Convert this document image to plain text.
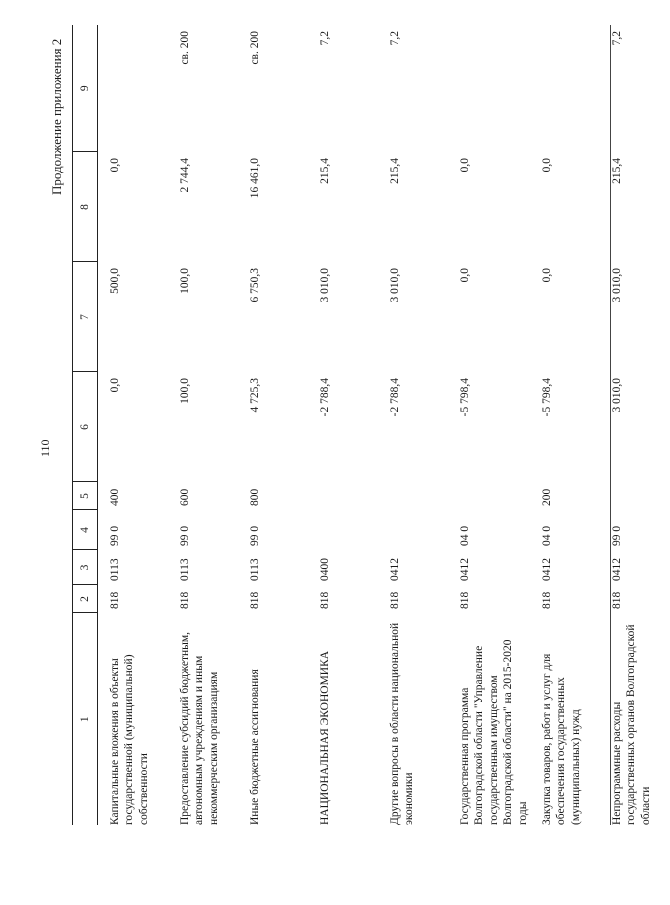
110
Продолжение приложения 2
1	2	3	4	5	6	7	8	9
Капитальные вложения в объекты государственной (муниципальной) собственности	818	0113	99 0	400	0,0	500,0	0,0	
Предоставление субсидий бюджетным, автономным учреждениям и иным некоммерческим организациям	818	0113	99 0	600	100,0	100,0	2 744,4	св. 200
Иные бюджетные ассигнования	818	0113	99 0	800	4 725,3	6 750,3	16 461,0	св. 200
НАЦИОНАЛЬНАЯ ЭКОНОМИКА	818	0400			-2 788,4	3 010,0	215,4	7,2
Другие вопросы в области национальной экономики	818	0412			-2 788,4	3 010,0	215,4	7,2
Государственная программа Волгоградской области "Управление государственным имуществом Волгоградской области" на 2015-2020 годы	818	0412	04 0		-5 798,4	0,0	0,0	
Закупка товаров, работ и услуг для обеспечения государственных (муниципальных) нужд	818	0412	04 0	200	-5 798,4	0,0	0,0	
Непрограммные расходы государственных органов Волгоградской области	818	0412	99 0		3 010,0	3 010,0	215,4	7,2
